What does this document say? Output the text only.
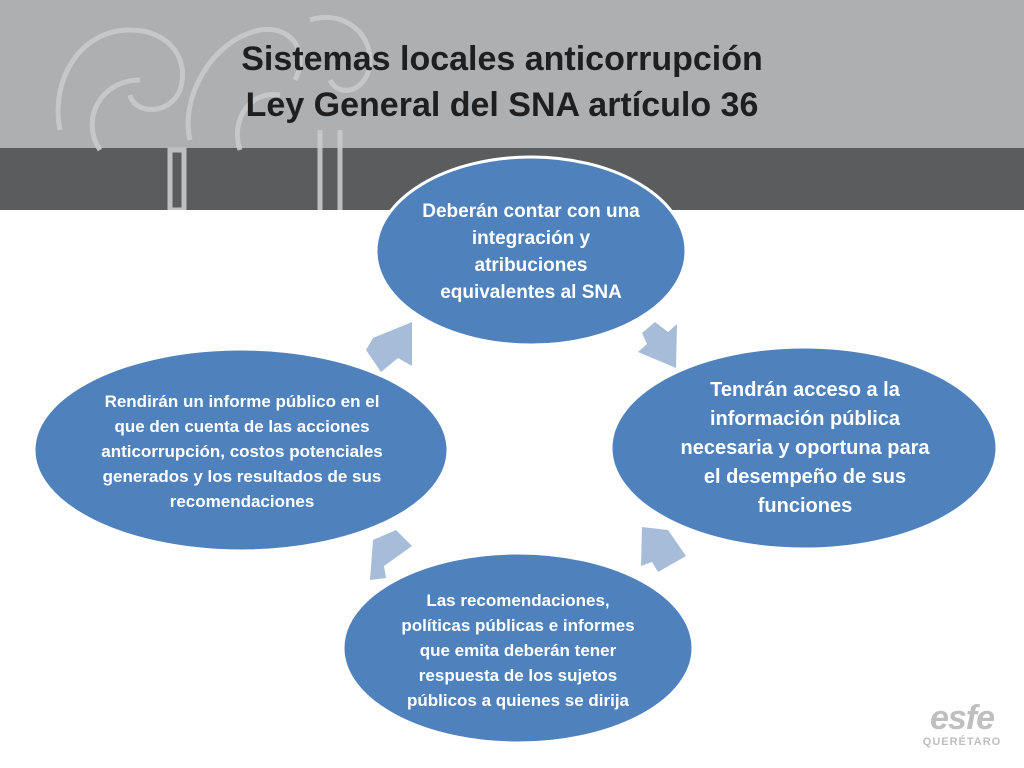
Sistemas locales anticorrupción
Ley General del SNA artículo 36
Deberán contar con una integración y atribuciones equivalentes al SNA
Tendrán acceso a la información pública necesaria y oportuna para el desempeño de sus funciones
Las recomendaciones, políticas públicas e informes que emita deberán tener respuesta de los sujetos públicos a quienes se dirija
Rendirán un informe público en el que den cuenta de las acciones anticorrupción, costos potenciales generados y los resultados de sus recomendaciones
esfe
QUERÉTARO
